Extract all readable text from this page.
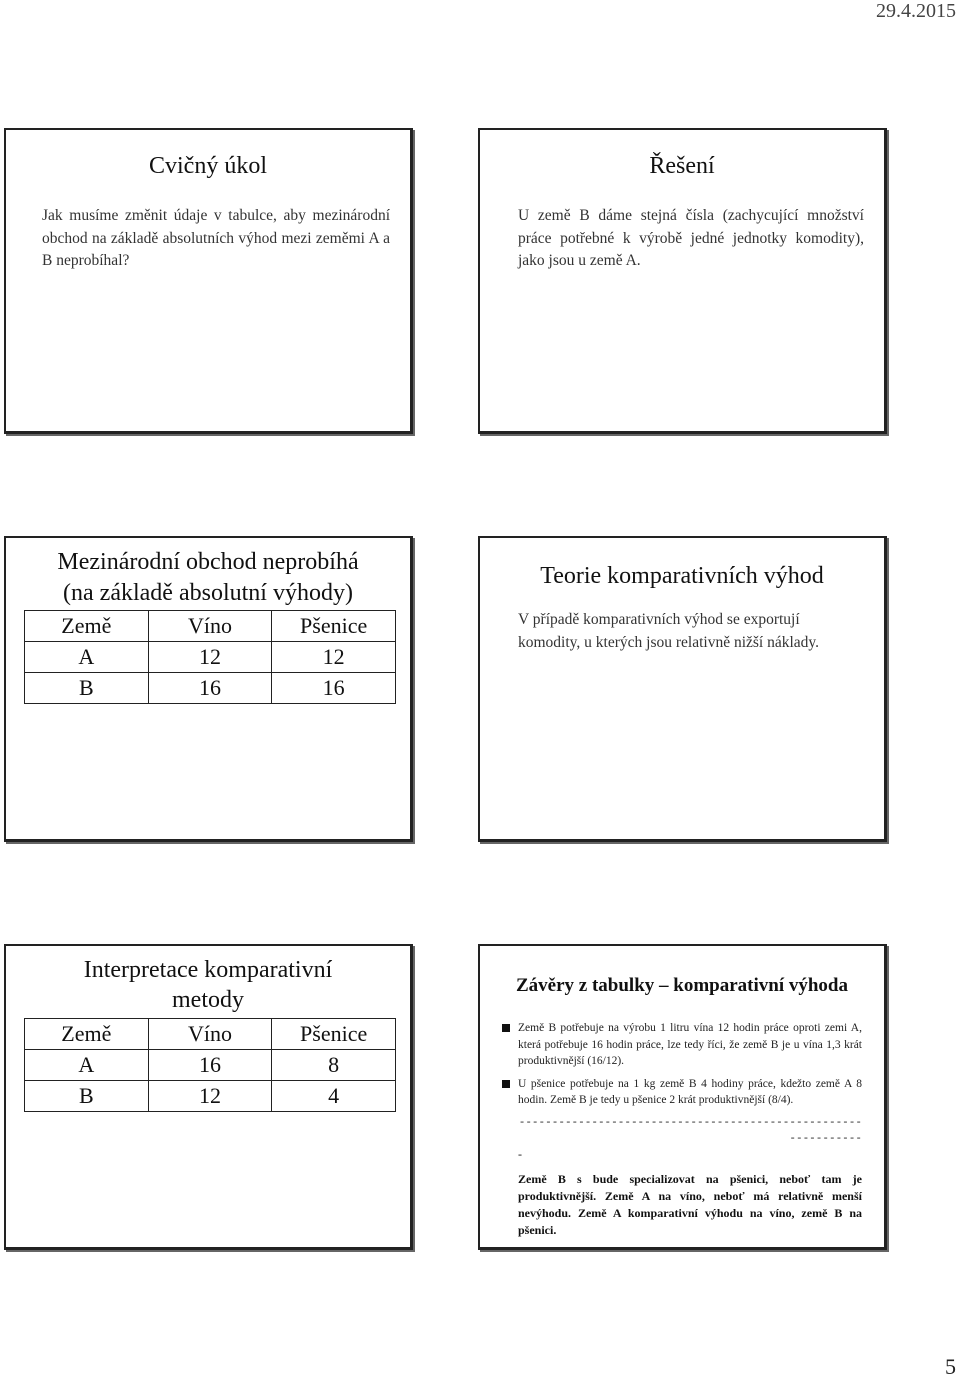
29.4.2015
Cvičný úkol
Jak musíme změnit údaje v tabulce, aby mezinárodní obchod na základě absolutních výhod mezi zeměmi A a B neprobíhal?
Řešení
U země B dáme stejná čísla (zachycující množství práce potřebné k výrobě jedné jednotky komodity), jako jsou u země A.
Mezinárodní obchod neprobíhá
(na základě absolutní výhody)
Země	Víno	Pšenice
A	12	12
B	16	16
Teorie komparativních výhod
V případě komparativních výhod se exportují komodity, u kterých jsou relativně nižší náklady.
Interpretace komparativní
metody
Země	Víno	Pšenice
A	16	8
B	12	4
Závěry z tabulky – komparativní výhoda
Země B potřebuje na výrobu 1 litru vína 12 hodin práce oproti zemi A, která potřebuje 16 hodin práce, lze tedy říci, že země B je u vína 1,3 krát produktivnější (16/12).
U pšenice potřebuje na 1 kg země B 4 hodiny práce, kdežto země A 8 hodin. Země B je tedy u pšenice 2 krát produktivnější (8/4).
---------------------------------------------------------------
-
Země B s bude specializovat na pšenici, neboť tam je produktivnější. Země A na víno, neboť má relativně menší nevýhodu. Země A komparativní výhodu na víno, země B na pšenici.
5
